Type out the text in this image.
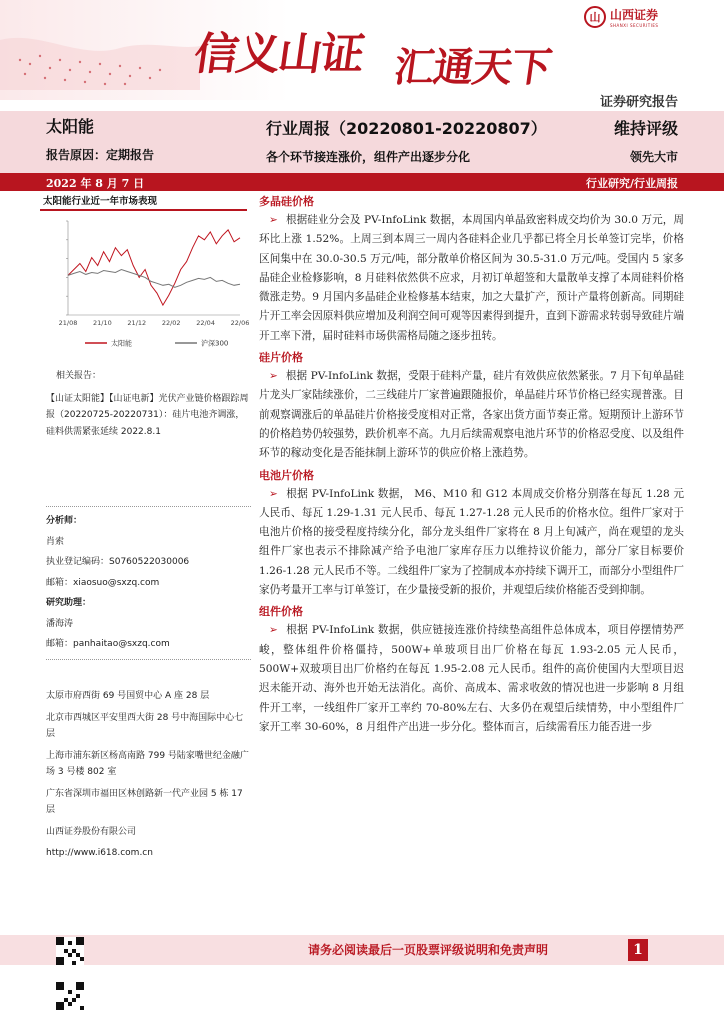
信义山证 汇通天下
山 山西证券
SHANXI SECURITIES
证券研究报告
太阳能
报告原因：定期报告
行业周报（20220801-20220807）
各个环节接连涨价，组件产出逐步分化
维持评级
领先大市
2022 年 8 月 7 日	行业研究/行业周报
太阳能行业近一年市场表现
21/08 21/10 21/12 22/02 22/04 22/06
太阳能	沪深300
相关报告：
【山证太阳能】【山证电新】光伏产业链价格跟踪周报（20220725-20220731）：硅片电池齐调涨，硅料供需紧张延续 2022.8.1
分析师：
肖索
执业登记编码：S0760522030006
邮箱：xiaosuo@sxzq.com
研究助理：
潘海涛
邮箱：panhaitao@sxzq.com
太原市府西街 69 号国贸中心 A 座 28 层
北京市西城区平安里西大街 28 号中海国际中心七层
上海市浦东新区杨高南路 799 号陆家嘴世纪金融广场 3 号楼 802 室
广东省深圳市福田区林创路新一代产业园 5 栋 17 层
山西证券股份有限公司
http://www.i618.com.cn
多晶硅价格
➢ 根据硅业分会及 PV-InfoLink 数据，本周国内单晶致密料成交均价为 30.0 万元，周环比上涨 1.52%。上周三到本周三一周内各硅料企业几乎都已将全月长单签订完毕，价格区间集中在 30.0-30.5 万元/吨，部分散单价格区间为 30.5-31.0 万元/吨。受国内 5 家多晶硅企业检修影响，8 月硅料依然供不应求，月初订单超签和大量散单支撑了本周硅料价格微涨走势。9 月国内多晶硅企业检修基本结束，加之大量扩产，预计产量将创新高。同期硅片开工率会因原料供应增加及利润空间可观等因素得到提升，直到下游需求转弱导致硅片端开工率下滑，届时硅料市场供需格局随之逐步扭转。
硅片价格
➢ 根据 PV-InfoLink 数据，受限于硅料产量，硅片有效供应依然紧张。7 月下旬单晶硅片龙头厂家陆续涨价，二三线硅片厂家普遍跟随报价，单晶硅片环节价格已经实现普涨。目前观察调涨后的单晶硅片价格接受度相对正常，各家出货方面节奏正常。短期预计上游环节的价格趋势仍较强势，跌价机率不高。九月后续需观察电池片环节的价格忍受度、以及组件环节的稼动变化是否能抹制上游环节的供应价格上涨趋势。
电池片价格
➢ 根据 PV-InfoLink 数据， M6、M10 和 G12 本周成交价格分别落在每瓦 1.28 元人民币、每瓦 1.29-1.31 元人民币、每瓦 1.27-1.28 元人民币的价格水位。组件厂家对于电池片价格的接受程度持续分化，部分龙头组件厂家将在 8 月上旬减产，尚在观望的龙头组件厂家也表示不排除减产给予电池厂家库存压力以维持议价能力，部分厂家目标要价 1.26-1.28 元人民币不等。二线组件厂家为了控制成本亦持续下调开工，而部分小型组件厂家仍考量开工率与订单签订，在少量接受新的报价，并观望后续价格能否受到抑制。
组件价格
➢ 根据 PV-InfoLink 数据，供应链接连涨价持续垫高组件总体成本，项目停摆情势严峻，整体组件价格僵持，500W+单玻项目出厂价格在每瓦 1.93-2.05 元人民币，500W+双玻项目出厂价格约在每瓦 1.95-2.08 元人民币。组件的高价使国内大型项目迟迟未能开动、海外也开始无法消化。高价、高成本、需求收敛的情况也进一步影响 8 月组件开工率，一线组件厂家开工率约 70-80%左右、大多仍在观望后续情势，中小型组件厂家开工率 30-60%，8 月组件产出进一步分化。整体而言，后续需看压力能否进一步
请务必阅读最后一页股票评级说明和免责声明	1
